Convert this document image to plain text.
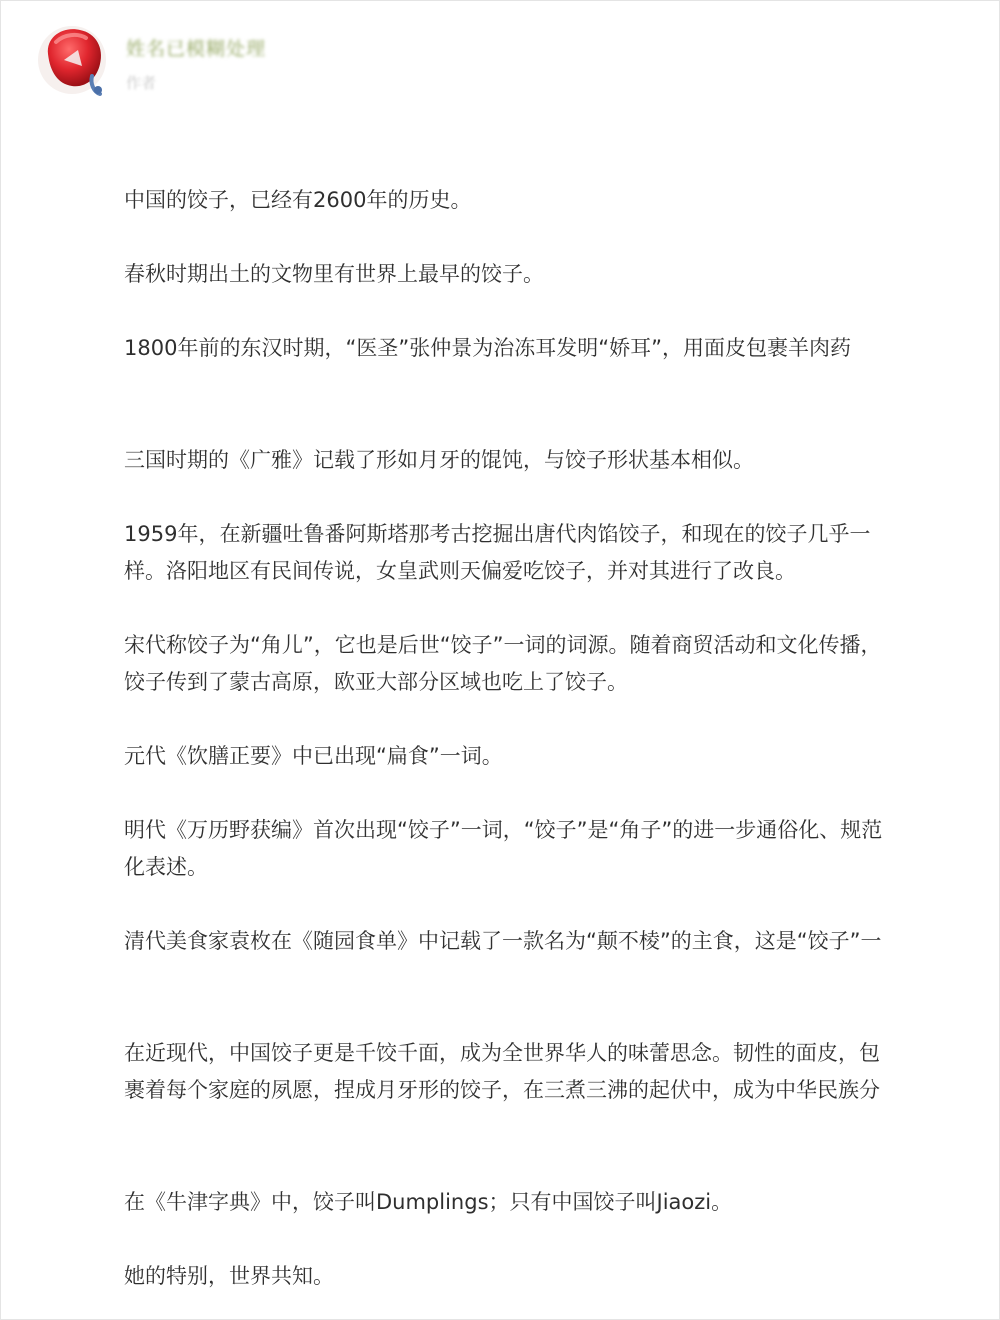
姓名已模糊处理
作者

中国的饺子，已经有2600年的历史。

春秋时期出土的文物里有世界上最早的饺子。

1800年前的东汉时期，“医圣”张仲景为治冻耳发明“娇耳”，用面皮包裹羊肉药

三国时期的《广雅》记载了形如月牙的馄饨，与饺子形状基本相似。

1959年，在新疆吐鲁番阿斯塔那考古挖掘出唐代肉馅饺子，和现在的饺子几乎一
样。洛阳地区有民间传说，女皇武则天偏爱吃饺子，并对其进行了改良。

宋代称饺子为“角儿”，它也是后世“饺子”一词的词源。随着商贸活动和文化传播，
饺子传到了蒙古高原，欧亚大部分区域也吃上了饺子。

元代《饮膳正要》中已出现“扁食”一词。

明代《万历野获编》首次出现“饺子”一词，“饺子”是“角子”的进一步通俗化、规范
化表述。

清代美食家袁枚在《随园食单》中记载了一款名为“颠不棱”的主食，这是“饺子”一

在近现代，中国饺子更是千饺千面，成为全世界华人的味蕾思念。韧性的面皮，包
裹着每个家庭的夙愿，捏成月牙形的饺子，在三煮三沸的起伏中，成为中华民族分

在《牛津字典》中，饺子叫Dumplings；只有中国饺子叫Jiaozi。

她的特别，世界共知。
